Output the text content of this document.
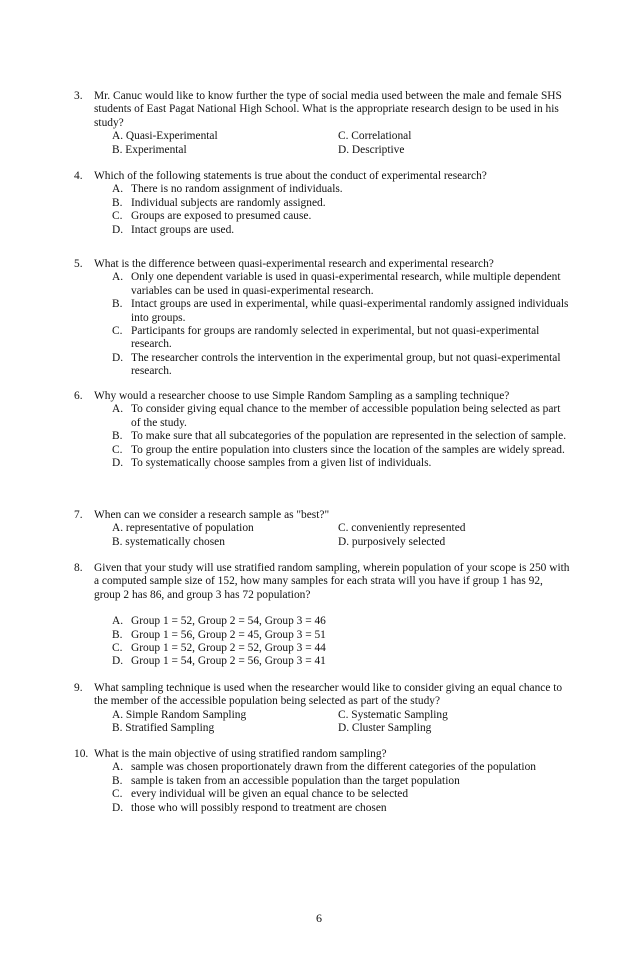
3.	Mr. Canuc would like to know further the type of social media used between the male and female SHS students of East Pagat National High School. What is the appropriate research design to be used in his study?
A. Quasi-Experimental	C. Correlational
B. Experimental	D. Descriptive
4.	Which of the following statements is true about the conduct of experimental research?
A. There is no random assignment of individuals.
B. Individual subjects are randomly assigned.
C. Groups are exposed to presumed cause.
D. Intact groups are used.
5.	What is the difference between quasi-experimental research and experimental research?
A. Only one dependent variable is used in quasi-experimental research, while multiple dependent variables can be used in quasi-experimental research.
B. Intact groups are used in experimental, while quasi-experimental randomly assigned individuals into groups.
C. Participants for groups are randomly selected in experimental, but not quasi-experimental research.
D. The researcher controls the intervention in the experimental group, but not quasi-experimental research.
6.	Why would a researcher choose to use Simple Random Sampling as a sampling technique?
A. To consider giving equal chance to the member of accessible population being selected as part of the study.
B. To make sure that all subcategories of the population are represented in the selection of sample.
C. To group the entire population into clusters since the location of the samples are widely spread.
D. To systematically choose samples from a given list of individuals.
7.	When can we consider a research sample as "best?"
A. representative of population	C. conveniently represented
B. systematically chosen	D. purposively selected
8.	Given that your study will use stratified random sampling, wherein population of your scope is 250 with a computed sample size of 152, how many samples for each strata will you have if group 1 has 92, group 2 has 86, and group 3 has 72 population?
A. Group 1 = 52, Group 2 = 54, Group 3 = 46
B. Group 1 = 56, Group 2 = 45, Group 3 = 51
C. Group 1 = 52, Group 2 = 52, Group 3 = 44
D. Group 1 = 54, Group 2 = 56, Group 3 = 41
9.	What sampling technique is used when the researcher would like to consider giving an equal chance to the member of the accessible population being selected as part of the study?
A. Simple Random Sampling	C. Systematic Sampling
B. Stratified Sampling	D. Cluster Sampling
10. What is the main objective of using stratified random sampling?
A. sample was chosen proportionately drawn from the different categories of the population
B. sample is taken from an accessible population than the target population
C. every individual will be given an equal chance to be selected
D. those who will possibly respond to treatment are chosen
6
